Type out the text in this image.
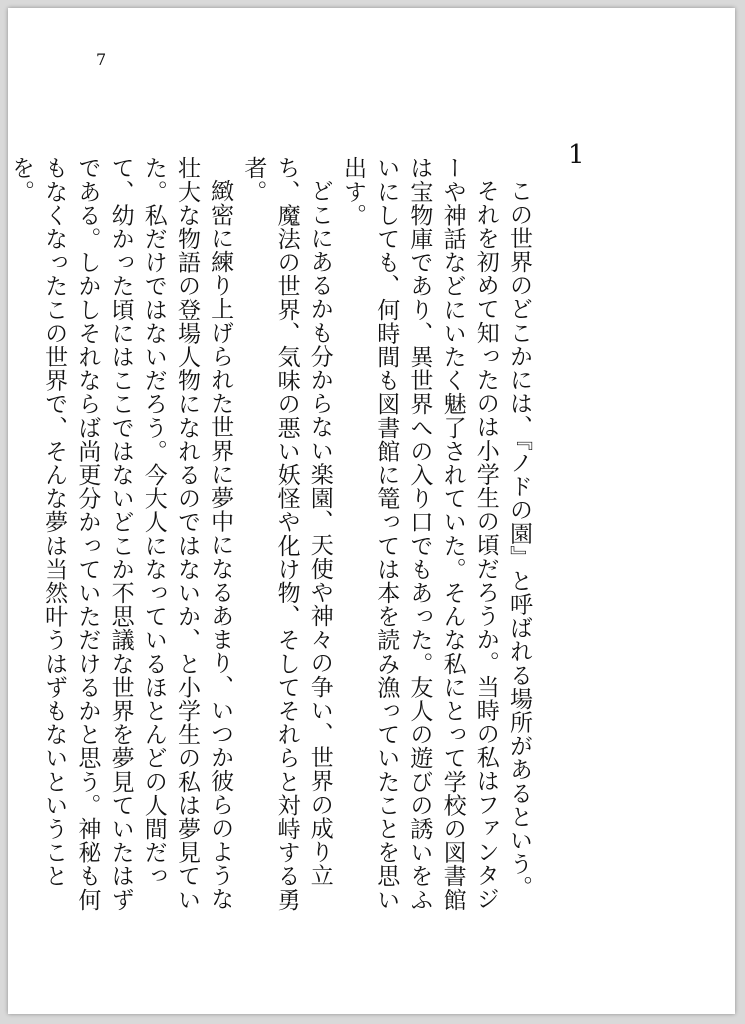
7
1

この世界のどこかには、『ノドの園』と呼ばれる場所があるという。

それを初めて知ったのは小学生の頃だろうか。当時の私はファンタジーや神話などにいたく魅了されていた。そんな私にとって学校の図書館は宝物庫であり、異世界への入り口でもあった。友人の遊びの誘いをふいにしても、何時間も図書館に篭っては本を読み漁っていたことを思い出す。

どこにあるかも分からない楽園、天使や神々の争い、世界の成り立ち、魔法の世界、気味の悪い妖怪や化け物、そしてそれらと対峙する勇者。

緻密に練り上げられた世界に夢中になるあまり、いつか彼らのような壮大な物語の登場人物になれるのではないか、と小学生の私は夢見ていた。私だけではないだろう。今大人になっているほとんどの人間だって、幼かった頃にはここではないどこか不思議な世界を夢見ていたはずである。しかしそれならば尚更分かっていただけるかと思う。神秘も何もなくなったこの世界で、そんな夢は当然叶うはずもないということを。
